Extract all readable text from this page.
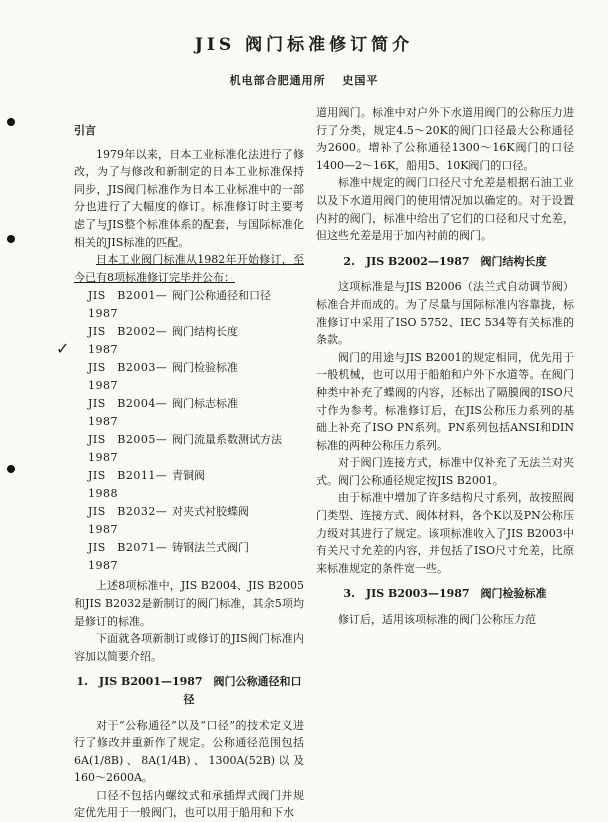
JIS 阀门标准修订简介
机电部合肥通用所 史国平
✓

引言

1979年以来，日本工业标准化法进行了修改，为了与修改和新制定的日本工业标准保持同步，JIS阀门标准作为日本工业标准中的一部分也进行了大幅度的修订。标准修订时主要考虑了与JIS整个标准体系的配套，与国际标准化相关的JIS标准的匹配。

日本工业阀门标准从1982年开始修订，至今已有8项标准修订完毕并公布：

JIS　B2001—1987
阀门公称通径和口径
JIS　B2002—1987
阀门结构长度
JIS　B2003—1987
阀门检验标准
JIS　B2004—1987
阀门标志标准
JIS　B2005—1987
阀门流量系数测试方法
JIS　B2011—1988
青铜阀
JIS　B2032—1987
对夹式衬胶蝶阀
JIS　B2071—1987
铸钢法兰式阀门

上述8项标准中，JIS B2004、JIS B2005和JIS B2032是新制订的阀门标准，其余5项均是修订的标准。

下面就各项新制订或修订的JIS阀门标准内容加以简要介绍。

1.　JIS B2001—1987　阀门公称通径和口径

对于“公称通径”以及“口径”的技术定义进行了修改并重新作了规定。公称通径范围包括6A(1/8B)、8A(1/4B)、1300A(52B)以及160～2600A。

口径不包括内螺纹式和承插焊式阀门并规定优先用于一般阀门，也可以用于船用和下水

道用阀门。标准中对户外下水道用阀门的公称压力进行了分类，规定4.5～20K的阀门口径最大公称通径为2600。增补了公称通径1300～16K阀门的口径1400—2～16K，船用5、10K阀门的口径。

标准中规定的阀门口径尺寸允差是根据石油工业以及下水道用阀门的使用情况加以确定的。对于设置内衬的阀门，标准中给出了它们的口径和尺寸允差，但这些允差是用于加内衬前的阀门。

2.　JIS B2002—1987　阀门结构长度

这项标准是与JIS B2006（法兰式自动调节阀）标准合并而成的。为了尽量与国际标准内容靠拢，标准修订中采用了ISO 5752、IEC 534等有关标准的条款。

阀门的用途与JIS B2001的规定相同，优先用于一般机械，也可以用于船舶和户外下水道等。在阀门种类中补充了蝶阀的内容，还标出了隔膜阀的ISO尺寸作为参考。标准修订后，在JIS公称压力系列的基础上补充了ISO PN系列。PN系列包括ANSI和DIN标准的两种公称压力系列。

对于阀门连接方式，标准中仅补充了无法兰对夹式。阀门公称通径规定按JIS B2001。

由于标准中增加了许多结构尺寸系列，故按照阀门类型、连接方式、阀体材料，各个K以及PN公称压力级对其进行了规定。该项标准收入了JIS B2003中有关尺寸允差的内容，并包括了ISO尺寸允差，比原来标准规定的条件宽一些。

3.　JIS B2003—1987　阀门检验标准

修订后，适用该项标准的阀门公称压力范
